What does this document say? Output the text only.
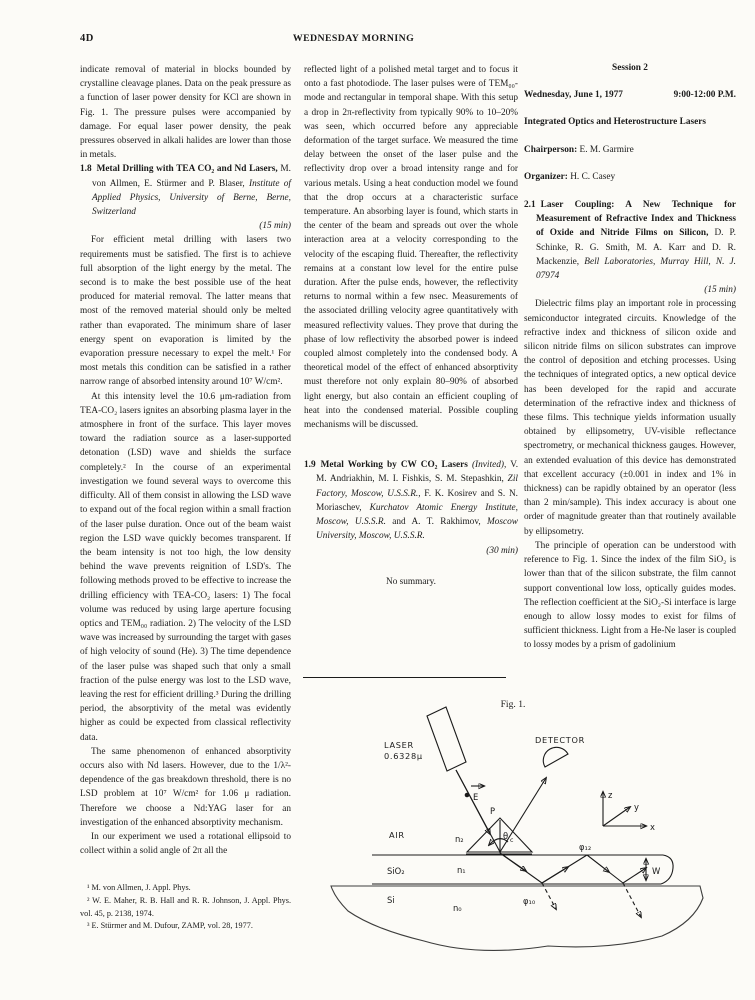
4D	WEDNESDAY MORNING

indicate removal of material in blocks bounded by crystalline cleavage planes. Data on the peak pressure as a function of laser power density for KCl are shown in Fig. 1. The pressure pulses were accompanied by damage. For equal laser power density, the peak pressures observed in alkali halides are lower than those in metals.

1.8 Metal Drilling with TEA CO₂ and Nd Lasers, M. von Allmen, E. Stürmer and P. Blaser, Institute of Applied Physics, University of Berne, Berne, Switzerland

(15 min)

For efficient metal drilling with lasers two requirements must be satisfied. The first is to achieve full absorption of the light energy by the metal. The second is to make the best possible use of the heat produced for material removal. The latter means that most of the removed material should only be melted rather than evaporated. The minimum share of laser energy spent on evaporation is limited by the evaporation pressure necessary to expel the melt.¹ For most metals this condition can be satisfied in a rather narrow range of absorbed intensity around 10⁷ W/cm².

At this intensity level the 10.6 μm-radiation from TEA-CO₂ lasers ignites an absorbing plasma layer in the atmosphere in front of the surface. This layer moves toward the radiation source as a laser-supported detonation (LSD) wave and shields the surface completely.² In the course of an experimental investigation we found several ways to overcome this difficulty. All of them consist in allowing the LSD wave to expand out of the focal region within a small fraction of the laser pulse duration. Once out of the beam waist region the LSD wave quickly becomes transparent. If the beam intensity is not too high, the low density behind the wave prevents reignition of LSD's. The following methods proved to be effective to increase the drilling efficiency with TEA-CO₂ lasers: 1) The focal volume was reduced by using large aperture focusing optics and TEM₀₀ radiation. 2) The velocity of the LSD wave was increased by surrounding the target with gases of high velocity of sound (He). 3) The time dependence of the laser pulse was shaped such that only a small fraction of the pulse energy was lost to the LSD wave, leaving the rest for efficient drilling.³ During the drilling period, the absorptivity of the metal was evidently higher as could be expected from classical reflectivity data.

The same phenomenon of enhanced absorptivity occurs also with Nd lasers. However, due to the 1/λ²-dependence of the gas breakdown threshold, there is no LSD problem at 10⁷ W/cm² for 1.06 μ radiation. Therefore we choose a Nd:YAG laser for an investigation of the enhanced absorptivity mechanism.

In our experiment we used a rotational ellipsoid to collect within a solid angle of 2π all the

¹ M. von Allmen, J. Appl. Phys.

² W. E. Maher, R. B. Hall and R. R. Johnson, J. Appl. Phys. vol. 45, p. 2138, 1974.

³ E. Stürmer and M. Dufour, ZAMP, vol. 28, 1977.

reflected light of a polished metal target and to focus it onto a fast photodiode. The laser pulses were of TEM₀₀-mode and rectangular in temporal shape. With this setup a drop in 2π-reflectivity from typically 90% to 10–20% was seen, which occurred before any appreciable deformation of the target surface. We measured the time delay between the onset of the laser pulse and the reflectivity drop over a broad intensity range and for various metals. Using a heat conduction model we found that the drop occurs at a characteristic surface temperature. An absorbing layer is found, which starts in the center of the beam and spreads out over the whole interaction area at a velocity corresponding to the velocity of the escaping fluid. Thereafter, the reflectivity remains at a constant low level for the entire pulse duration. After the pulse ends, however, the reflectivity returns to normal within a few nsec. Measurements of the associated drilling velocity agree quantitatively with measured reflectivity values. They prove that during the phase of low reflectivity the absorbed power is indeed coupled almost completely into the condensed body. A theoretical model of the effect of enhanced absorptivity must therefore not only explain 80–90% of absorbed light energy, but also contain an efficient coupling of heat into the condensed material. Possible coupling mechanisms will be discussed.

1.9 Metal Working by CW CO₂ Lasers (Invited), V. M. Andriakhin, M. I. Fishkis, S. M. Stepashkin, Zil Factory, Moscow, U.S.S.R., F. K. Kosirev and S. N. Moriaschev, Kurchatov Atomic Energy Institute, Moscow, U.S.S.R. and A. T. Rakhimov, Moscow University, Moscow, U.S.S.R.

(30 min)

No summary.

Session 2

Wednesday, June 1, 1977	9:00-12:00 P.M.

Integrated Optics and Heterostructure Lasers

Chairperson: E. M. Garmire

Organizer: H. C. Casey

2.1 Laser Coupling: A New Technique for Measurement of Refractive Index and Thickness of Oxide and Nitride Films on Silicon, D. P. Schinke, R. G. Smith, M. A. Karr and D. R. Mackenzie, Bell Laboratories, Murray Hill, N. J. 07974

(15 min)

Dielectric films play an important role in processing semiconductor integrated circuits. Knowledge of the refractive index and thickness of silicon oxide and silicon nitride films on silicon substrates can improve the control of deposition and etching processes. Using the techniques of integrated optics, a new optical device has been developed for the rapid and accurate determination of the refractive index and thickness of these films. This technique yields information usually obtained by ellipsometry, UV-visible reflectance spectrometry, or mechanical thickness gauges. However, an extended evaluation of this device has demonstrated that excellent accuracy (±0.001 in index and 1% in thickness) can be rapidly obtained by an operator (less than 2 min/sample). This index accuracy is about one order of magnitude greater than that routinely available by ellipsometry.

The principle of operation can be understood with reference to Fig. 1. Since the index of the film SiO₂ is lower than that of the silicon substrate, the film cannot support conventional low loss, optically guides modes. The reflection coefficient at the SiO₂-Si interface is large enough to allow lossy modes to exist for films of sufficient thickness. Light from a He-Ne laser is coupled to lossy modes by a prism of gadolinium

Fig. 1.
W
LASER
0.6328μ
E
P
θ c
n₂
DETECTOR
AIR
φ₁₂
φ₁₀
SiO₂	n₁
Si
n₀
z
y
x
